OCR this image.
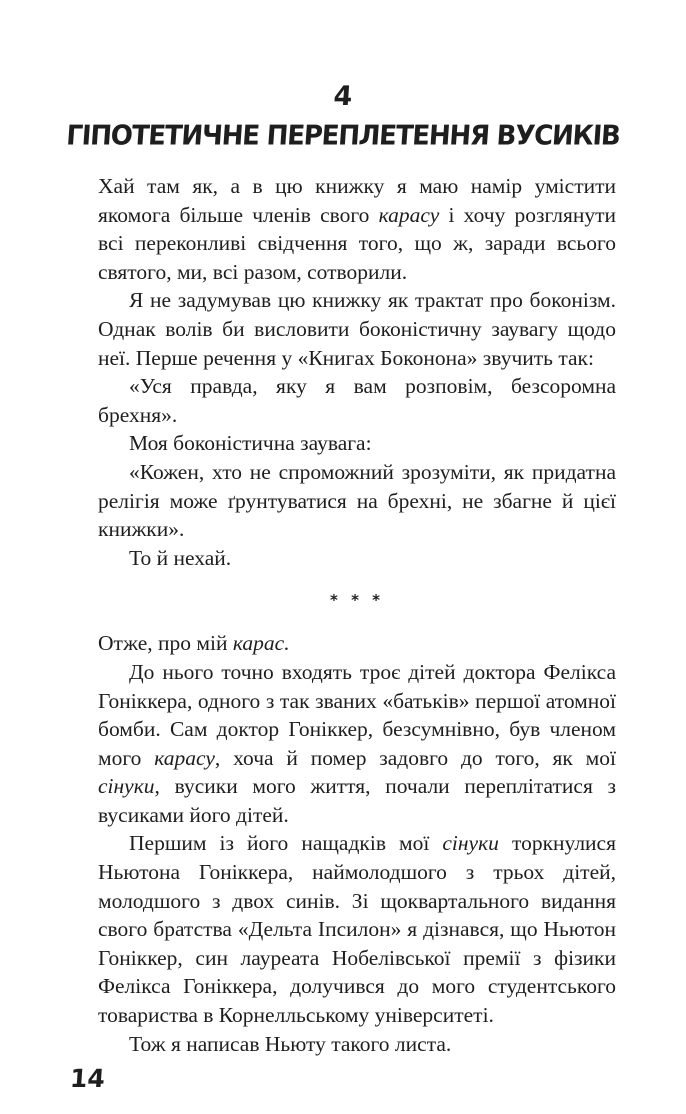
4
ГІПОТЕТИЧНЕ ПЕРЕПЛЕТЕННЯ ВУСИКІВ

Хай там як, а в цю книжку я маю намір умістити якомога більше членів свого карасу і хочу розглянути всі переконливі свідчення того, що ж, заради всього святого, ми, всі разом, сотворили.

Я не задумував цю книжку як трактат про боконізм. Однак волів би висловити боконістичну заувагу щодо неї. Перше речення у «Книгах Боконона» звучить так:

«Уся правда, яку я вам розповім, безсоромна брехня».

Моя боконістична заувага:

«Кожен, хто не спроможний зрозуміти, як придатна релігія може ґрунтуватися на брехні, не збагне й цієї книжки».

То й нехай.

* * *

Отже, про мій карас.

До нього точно входять троє дітей доктора Фелікса Гоніккера, одного з так званих «батьків» першої атомної бомби. Сам доктор Гоніккер, безсумнівно, був членом мого карасу, хоча й помер задовго до того, як мої сінуки, вусики мого життя, почали переплітатися з вусиками його дітей.

Першим із його нащадків мої сінуки торкнулися Ньютона Гоніккера, наймолодшого з трьох дітей, молодшого з двох синів. Зі щоквартального видання свого братства «Дельта Іпсилон» я дізнався, що Ньютон Гоніккер, син лауреата Нобелівської премії з фізики Фелікса Гоніккера, долучився до мого студентського товариства в Корнелльському університеті.

Тож я написав Ньюту такого листа.

14
